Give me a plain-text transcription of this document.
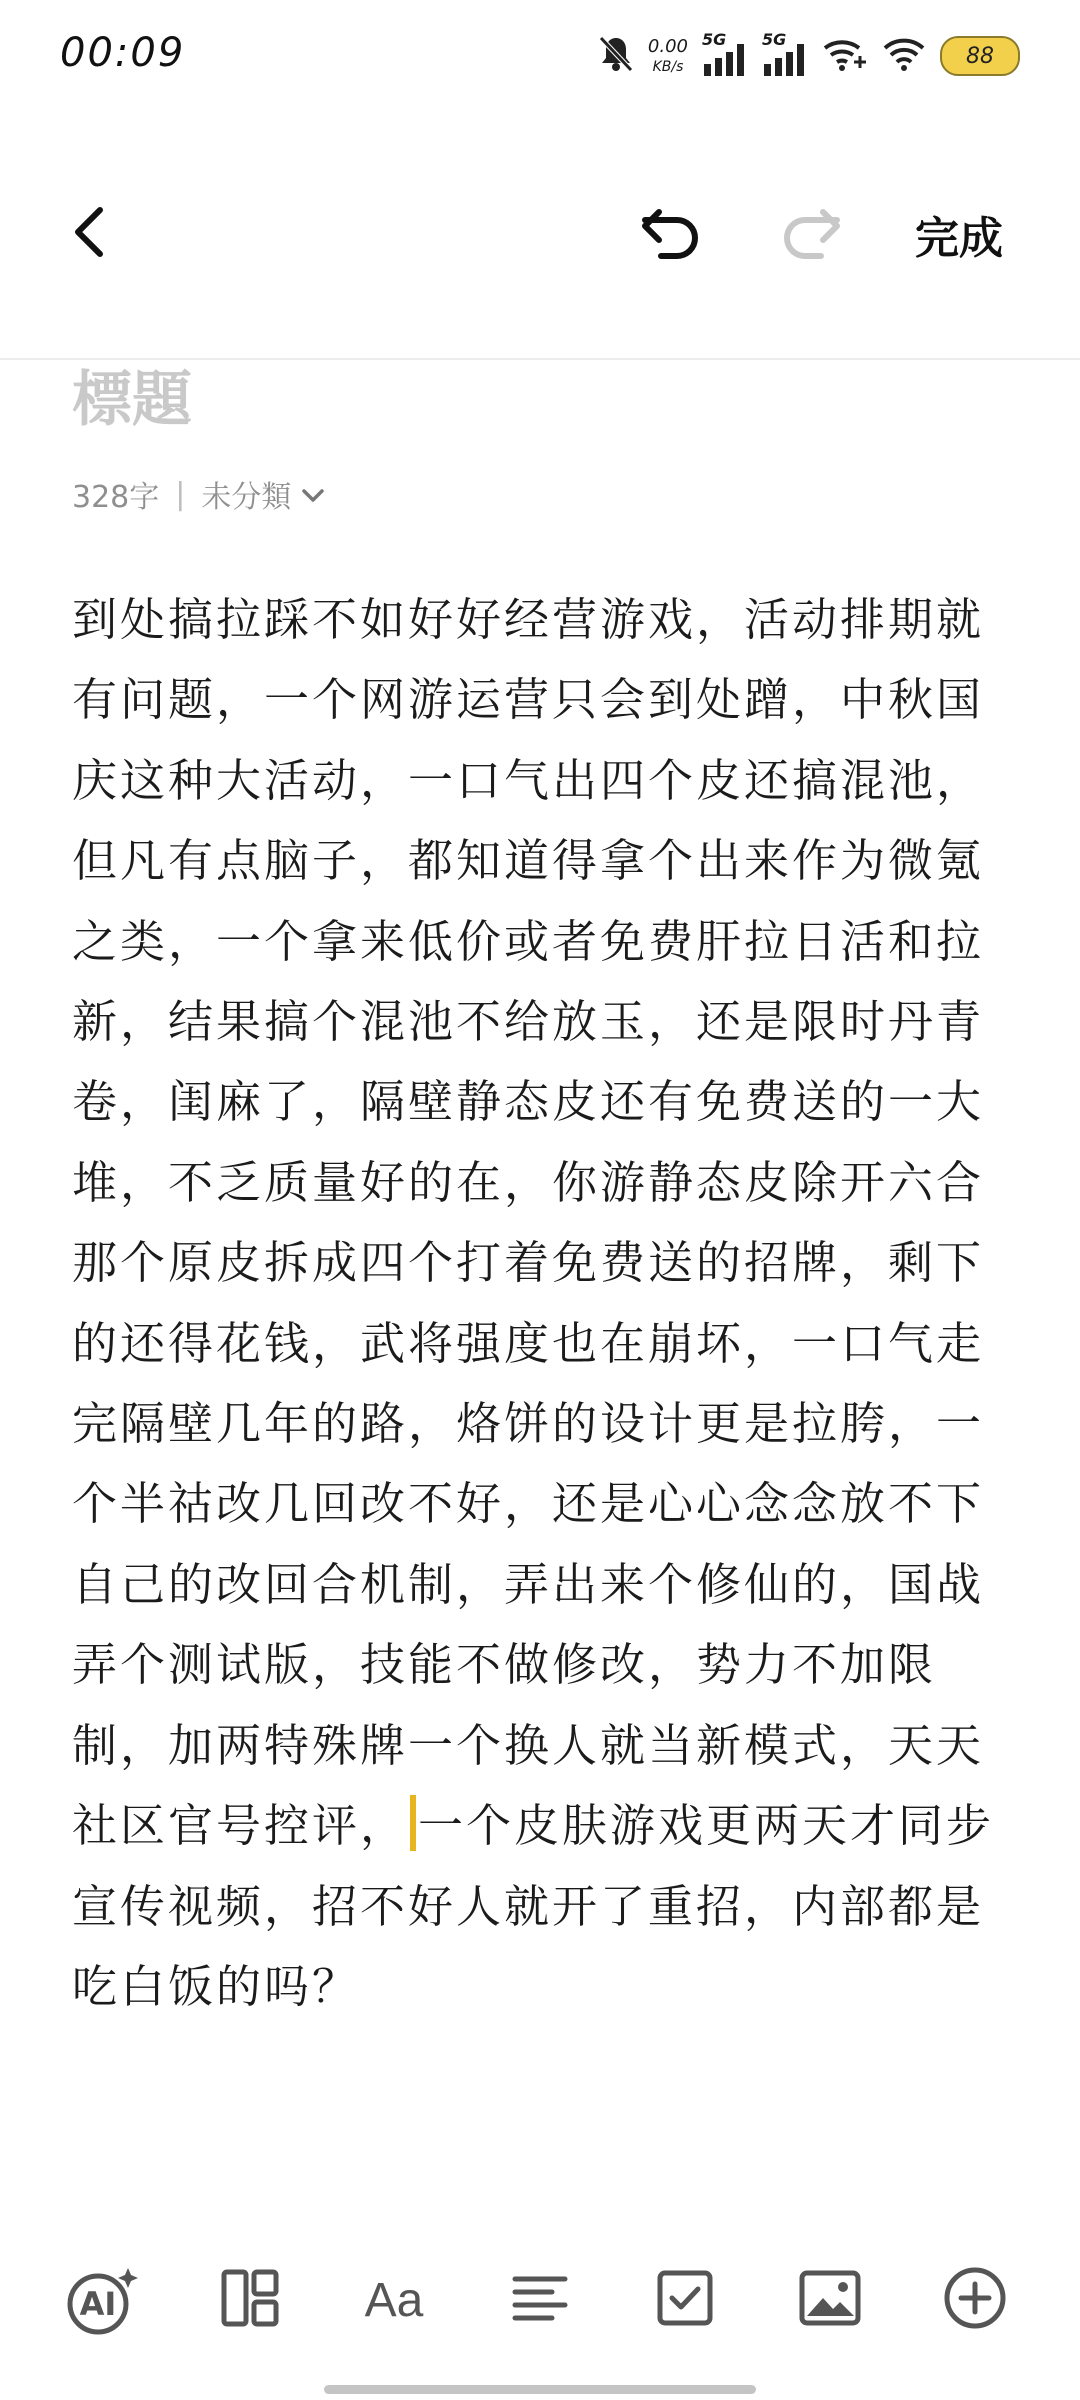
00:09	0.00
KB/s
5G 5G
88
完成
標題
328字 | 未分類
到处搞拉踩不如好好经营游戏，活动排期就有问题，一个网游运营只会到处蹭，中秋国庆这种大活动，一口气出四个皮还搞混池，但凡有点脑子，都知道得拿个出来作为微氪之类，一个拿来低价或者免费肝拉日活和拉新，结果搞个混池不给放玉，还是限时丹青卷，闺麻了，隔壁静态皮还有免费送的一大堆，不乏质量好的在，你游静态皮除开六合那个原皮拆成四个打着免费送的招牌，剩下的还得花钱，武将强度也在崩坏，一口气走完隔壁几年的路，烙饼的设计更是拉胯，一个半祜改几回改不好，还是心心念念放不下自己的改回合机制，弄出来个修仙的，国战弄个测试版，技能不做修改，势力不加限制，加两特殊牌一个换人就当新模式，天天社区官号控评， 一个皮肤游戏更两天才同步宣传视频，招不好人就开了重招，内部都是吃白饭的吗？
AI	Aa
